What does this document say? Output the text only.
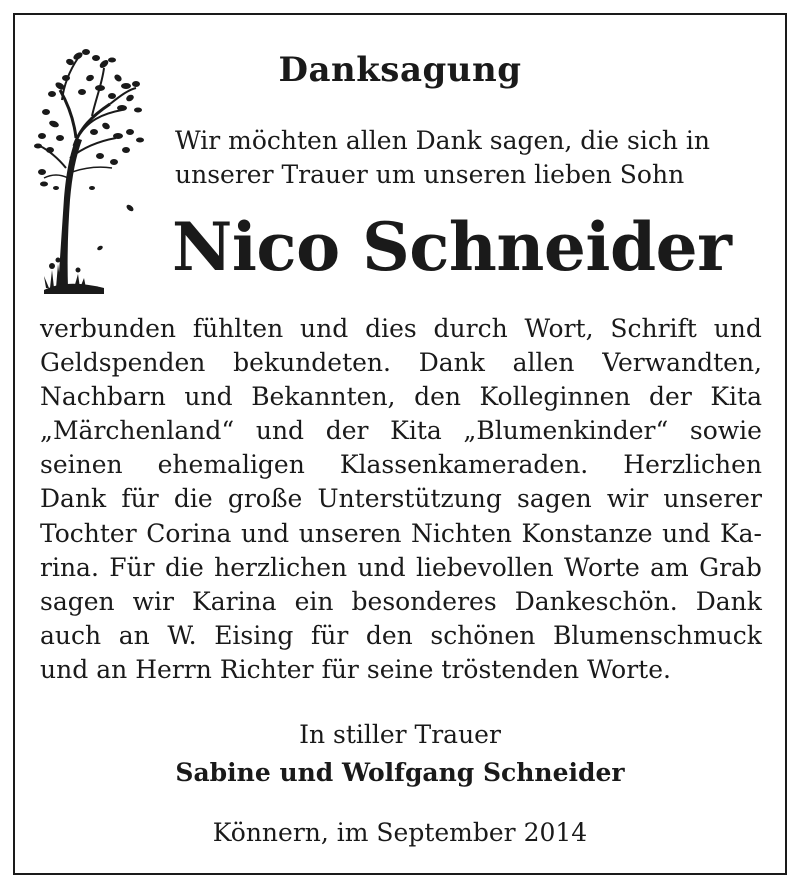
Danksagung
Wir möchten allen Dank sagen, die sich in
unserer Trauer um unseren lieben Sohn
Nico Schneider
verbunden fühlten und dies durch Wort, Schrift und
Geldspenden bekundeten. Dank allen Verwandten,
Nachbarn und Bekannten, den Kolleginnen der Kita
„Märchenland“ und der Kita „Blumenkinder“ sowie
seinen ehemaligen Klassenkameraden. Herzlichen
Dank für die große Unterstützung sagen wir unserer
Tochter Corina und unseren Nichten Konstanze und Ka-
rina. Für die herzlichen und liebevollen Worte am Grab
sagen wir Karina ein besonderes Dankeschön. Dank
auch an W. Eising für den schönen Blumenschmuck
und an Herrn Richter für seine tröstenden Worte.
In stiller Trauer
Sabine und Wolfgang Schneider
Könnern, im September 2014
